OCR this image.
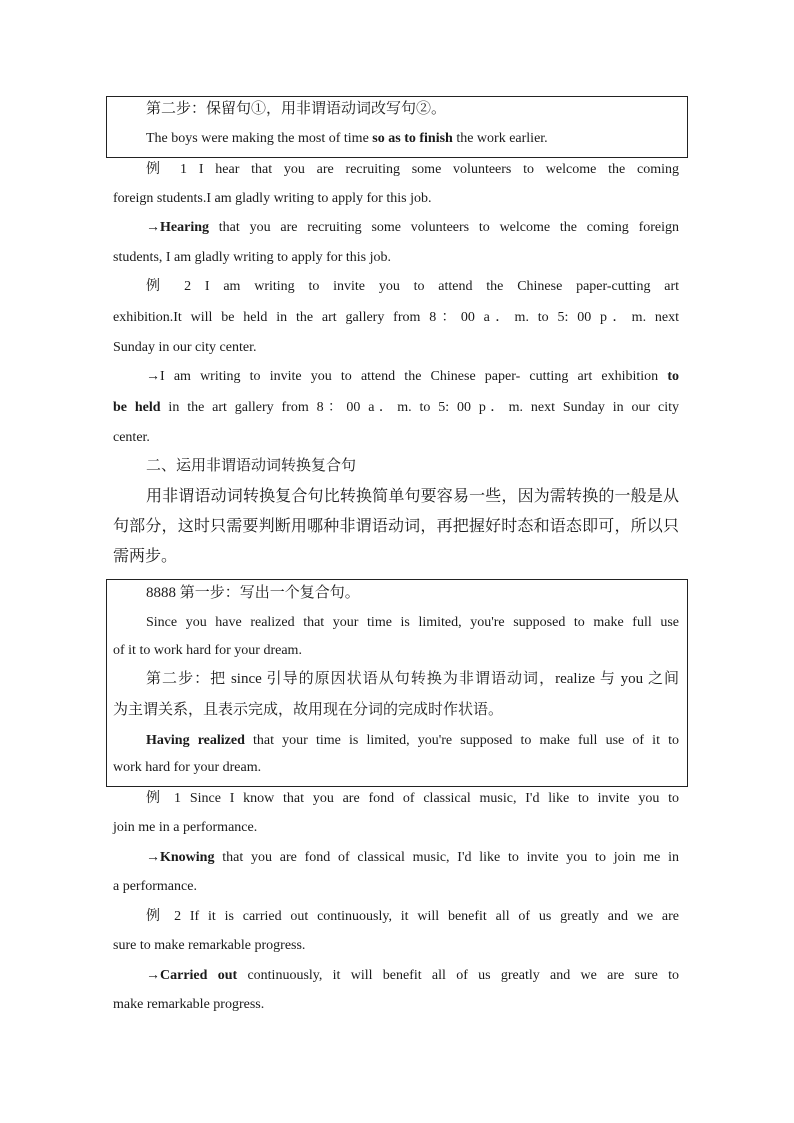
第二步：保留句①，用非谓语动词改写句②。

The boys were making the most of time so as to finish the work earlier.

例 1 I hear that you are recruiting some volunteers to welcome the coming

foreign students.I am gladly writing to apply for this job.

→Hearing that you are recruiting some volunteers to welcome the coming foreign

students, I am gladly writing to apply for this job.

例 2 I am writing to invite you to attend the Chinese paper-cutting art

exhibition.It will be held in the art gallery from 8：00 a．m. to 5: 00 p．m. next

Sunday in our city center.

→I am writing to invite you to attend the Chinese paper- cutting art exhibition to

be held in the art gallery from 8：00 a．m. to 5: 00 p．m. next Sunday in our city

center.

二、运用非谓语动词转换复合句

用非谓语动词转换复合句比转换简单句要容易一些，因为需转换的一般是从

句部分，这时只需要判断用哪种非谓语动词，再把握好时态和语态即可，所以只

需两步。

8888 第一步：写出一个复合句。

Since you have realized that your time is limited, you're supposed to make full use

of it to work hard for your dream.

第二步：把 since 引导的原因状语从句转换为非谓语动词，realize 与 you 之间

为主谓关系，且表示完成，故用现在分词的完成时作状语。

Having realized that your time is limited, you're supposed to make full use of it to

work hard for your dream.

例 1 Since I know that you are fond of classical music, I'd like to invite you to

join me in a performance.

→Knowing that you are fond of classical music, I'd like to invite you to join me in

a performance.

例 2 If it is carried out continuously, it will benefit all of us greatly and we are

sure to make remarkable progress.

→Carried out continuously, it will benefit all of us greatly and we are sure to

make remarkable progress.
